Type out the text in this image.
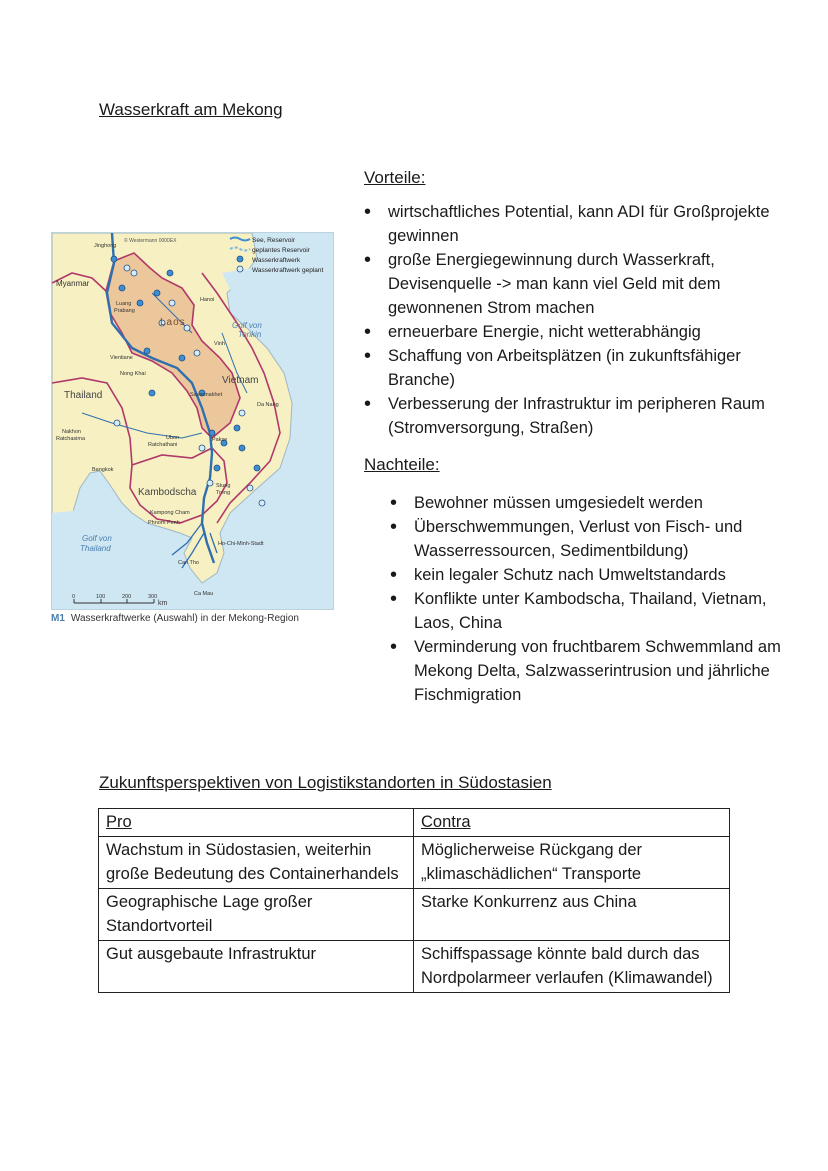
Wasserkraft am Mekong
Vorteile:
• wirtschaftliches Potential, kann ADI für Großprojekte gewinnen
• große Energiegewinnung durch Wasserkraft, Devisenquelle -> man kann viel Geld mit dem gewonnenen Strom machen
• erneuerbare Energie, nicht wetterabhängig
• Schaffung von Arbeitsplätzen (in zukunftsfähiger Branche)
• Verbesserung der Infrastruktur im peripheren Raum (Stromversorgung, Straßen)
Nachteile:
• Bewohner müssen umgesiedelt werden
• Überschwemmungen, Verlust von Fisch- und Wasserressourcen, Sedimentbildung)
• kein legaler Schutz nach Umweltstandards
• Konflikte unter Kambodscha, Thailand, Vietnam, Laos, China
• Verminderung von fruchtbarem Schwemmland am Mekong Delta, Salzwasserintrusion und jährliche Fischmigration
See, Reservoir
geplantes Reservoir
Wasserkraftwerk
Wasserkraftwerk geplant
© Westermann 0000EX
Myanmar
Laos
Thailand
Vietnam
Kambodscha
Golf von
Tonkin
Golf von
Thailand
Jinghong
Luang
Prabang
Hanoi
Vinh
Vientiane
Nong Khai
Savannakhet
Da Nang
Nakhon
Ratchasima	Ubon
Ratchathani
Pakse
Bangkok
Stung
Treng
Kampong Cham
Phnom Penh
Ho-Chi-Minh-Stadt
Can Tho
Ca Mau
0	100	200	300
km
M1 Wasserkraftwerke (Auswahl) in der Mekong-Region
Zukunftsperspektiven von Logistikstandorten in Südostasien
Pro	Contra
Wachstum in Südostasien, weiterhin große Bedeutung des Containerhandels	Möglicherweise Rückgang der „klimaschädlichen“ Transporte
Geographische Lage großer Standortvorteil	Starke Konkurrenz aus China
Gut ausgebaute Infrastruktur	Schiffspassage könnte bald durch das Nordpolarmeer verlaufen (Klimawandel)
